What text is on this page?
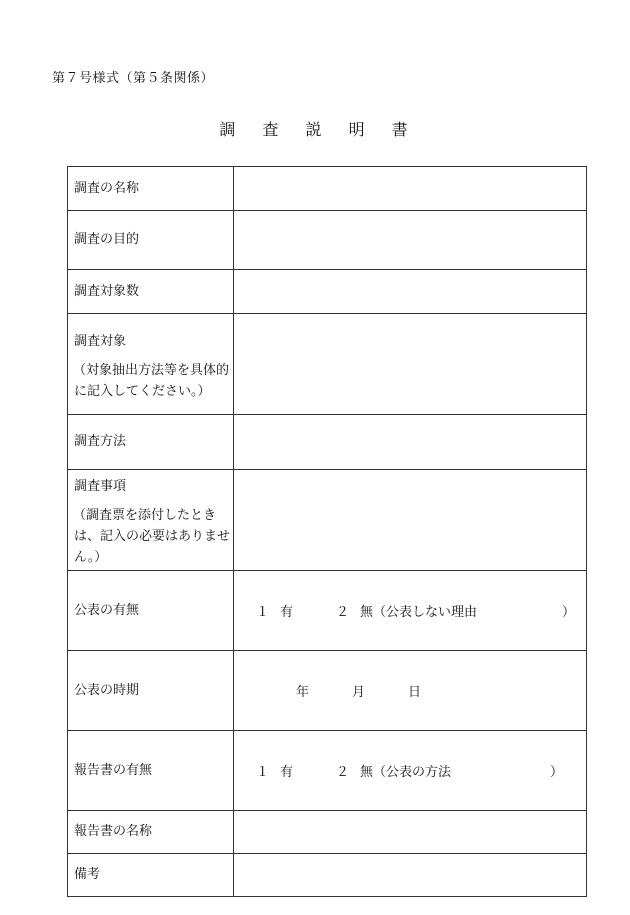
第７号様式（第５条関係）
調 査 説 明 書
調査の名称	

調査の目的	

調査対象数	

調査対象
（対象抽出方法等を具体的に記入してください。）	

調査方法	

調査事項
（調査票を添付したときは、記入の必要はありません。）	

公表の有無	１ 有 ２ 無（公表しない理由 ）

公表の時期	年 月 日

報告書の有無	１ 有 ２ 無（公表の方法 ）

報告書の名称	

備考	
